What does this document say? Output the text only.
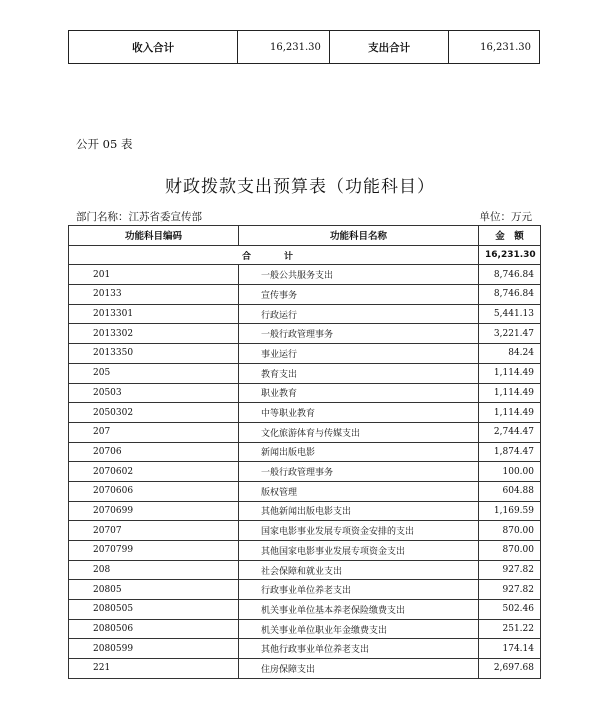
收入合计	16,231.30	支出合计	16,231.30
公开 05 表
财政拨款支出预算表（功能科目）
部门名称：江苏省委宣传部	单位：万元
功能科目编码	功能科目名称	金　额
合　计		16,231.30
201	一般公共服务支出	8,746.84
20133	宣传事务	8,746.84
2013301	行政运行	5,441.13
2013302	一般行政管理事务	3,221.47
2013350	事业运行	84.24
205	教育支出	1,114.49
20503	职业教育	1,114.49
2050302	中等职业教育	1,114.49
207	文化旅游体育与传媒支出	2,744.47
20706	新闻出版电影	1,874.47
2070602	一般行政管理事务	100.00
2070606	版权管理	604.88
2070699	其他新闻出版电影支出	1,169.59
20707	国家电影事业发展专项资金安排的支出	870.00
2070799	其他国家电影事业发展专项资金支出	870.00
208	社会保障和就业支出	927.82
20805	行政事业单位养老支出	927.82
2080505	机关事业单位基本养老保险缴费支出	502.46
2080506	机关事业单位职业年金缴费支出	251.22
2080599	其他行政事业单位养老支出	174.14
221	住房保障支出	2,697.68
